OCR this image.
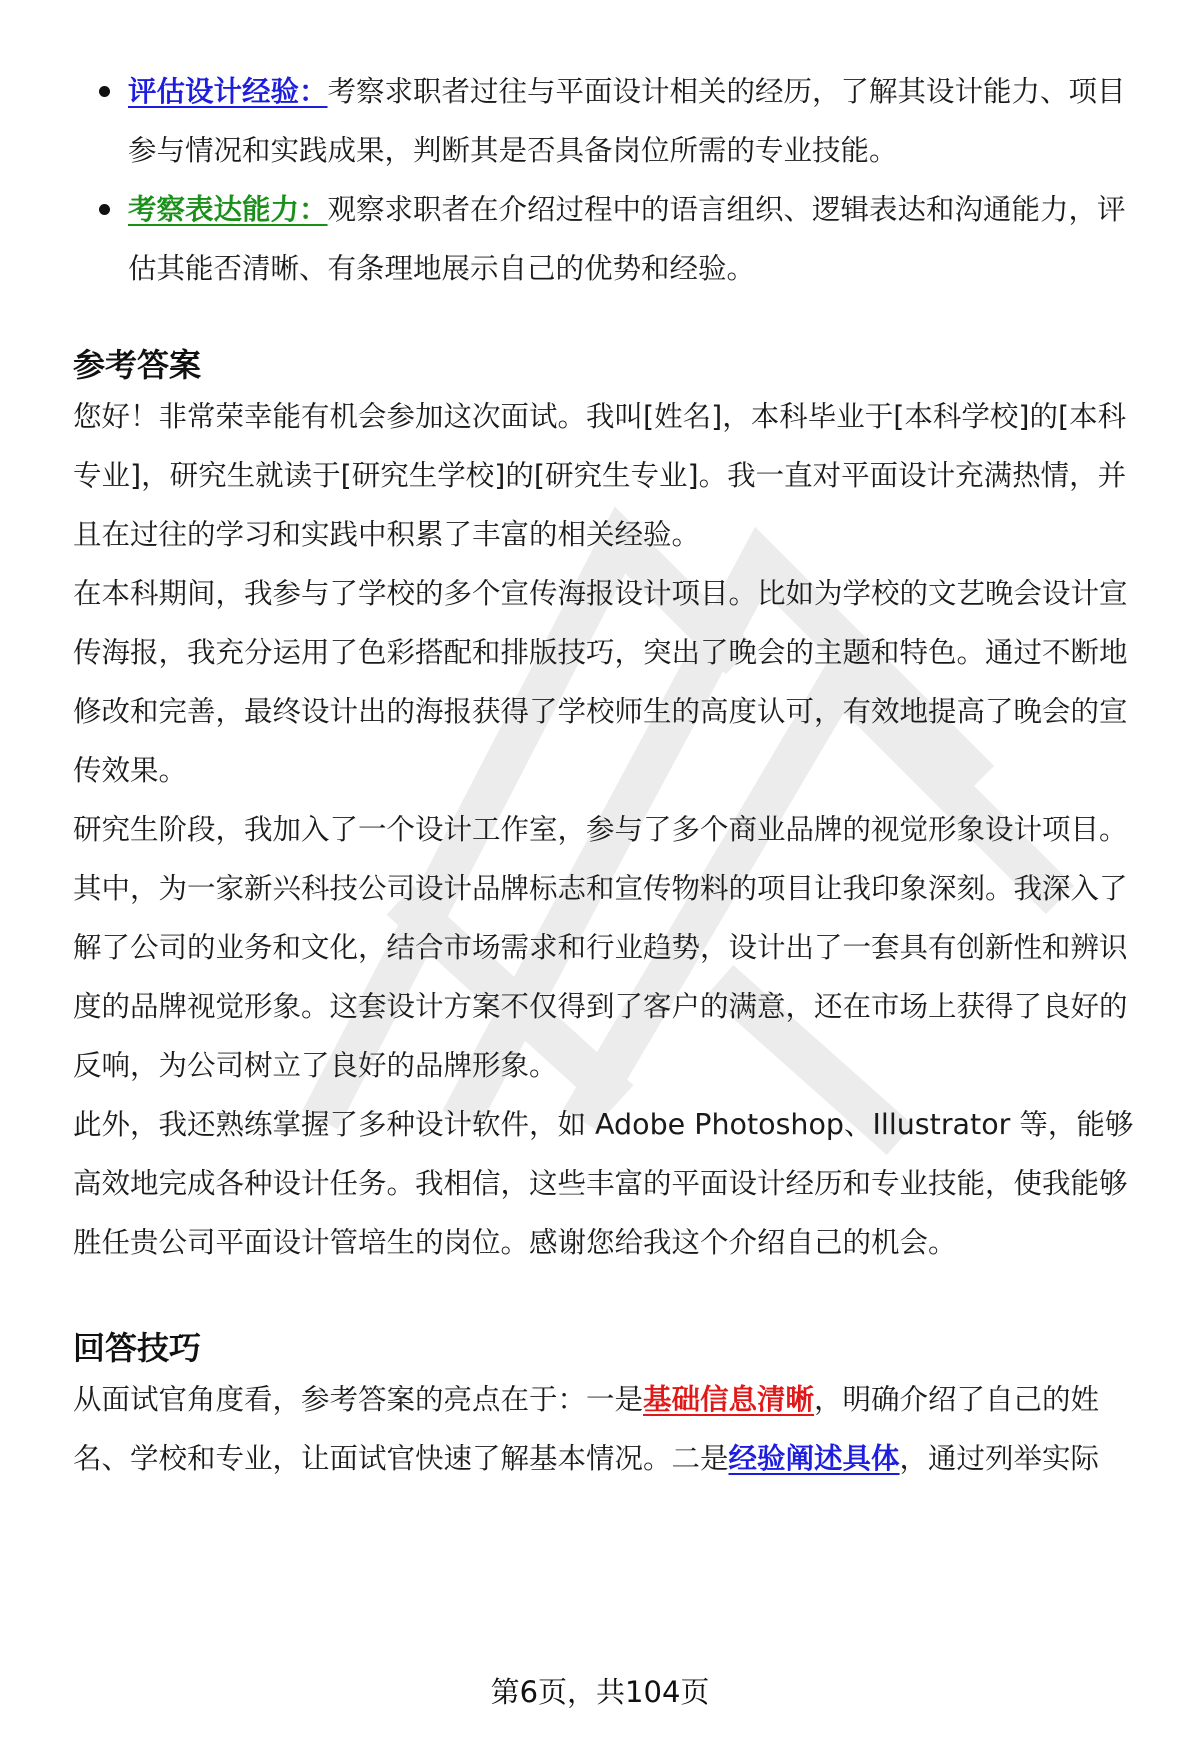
评估设计经验：考察求职者过往与平面设计相关的经历，了解其设计能力、项目参与情况和实践成果，判断其是否具备岗位所需的专业技能。
考察表达能力：观察求职者在介绍过程中的语言组织、逻辑表达和沟通能力，评估其能否清晰、有条理地展示自己的优势和经验。
参考答案

您好！非常荣幸能有机会参加这次面试。我叫[姓名]，本科毕业于[本科学校]的[本科专业]，研究生就读于[研究生学校]的[研究生专业]。我一直对平面设计充满热情，并且在过往的学习和实践中积累了丰富的相关经验。

在本科期间，我参与了学校的多个宣传海报设计项目。比如为学校的文艺晚会设计宣传海报，我充分运用了色彩搭配和排版技巧，突出了晚会的主题和特色。通过不断地修改和完善，最终设计出的海报获得了学校师生的高度认可，有效地提高了晚会的宣传效果。

研究生阶段，我加入了一个设计工作室，参与了多个商业品牌的视觉形象设计项目。其中，为一家新兴科技公司设计品牌标志和宣传物料的项目让我印象深刻。我深入了解了公司的业务和文化，结合市场需求和行业趋势，设计出了一套具有创新性和辨识度的品牌视觉形象。这套设计方案不仅得到了客户的满意，还在市场上获得了良好的反响，为公司树立了良好的品牌形象。

此外，我还熟练掌握了多种设计软件，如 Adobe Photoshop、Illustrator 等，能够高效地完成各种设计任务。我相信，这些丰富的平面设计经历和专业技能，使我能够胜任贵公司平面设计管培生的岗位。感谢您给我这个介绍自己的机会。

回答技巧

从面试官角度看，参考答案的亮点在于：一是基础信息清晰，明确介绍了自己的姓名、学校和专业，让面试官快速了解基本情况。二是经验阐述具体，通过列举实际

第6页，共104页
